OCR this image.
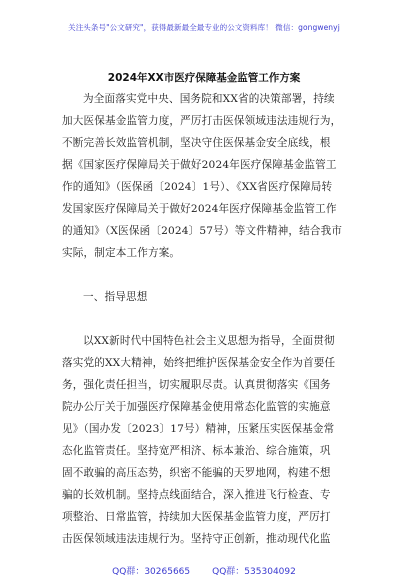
关注头条号"公文研究"，获得最新最全最专业的公文资料库！ 微信：gongwenyj
2024年XX市医疗保障基金监管工作方案
为全面落实党中央、国务院和XX省的决策部署，持续
加大医保基金监管力度，严厉打击医保领域违法违规行为，
不断完善长效监管机制，坚决守住医保基金安全底线，根
据《国家医疗保障局关于做好2024年医疗保障基金监管工
作的通知》（医保函〔2024〕1号）、《XX省医疗保障局转
发国家医疗保障局关于做好2024年医疗保障基金监管工作
的通知》（X医保函〔2024〕57号）等文件精神，结合我市
实际，制定本工作方案。
一、指导思想
以XX新时代中国特色社会主义思想为指导，全面贯彻
落实党的XX大精神，始终把维护医保基金安全作为首要任
务，强化责任担当，切实履职尽责。认真贯彻落实《国务
院办公厅关于加强医疗保障基金使用常态化监管的实施意
见》（国办发〔2023〕17号）精神，压紧压实医保基金常
态化监管责任。坚持宽严相济、标本兼治、综合施策，巩
固不敢骗的高压态势，织密不能骗的天罗地网，构建不想
骗的长效机制。坚持点线面结合，深入推进飞行检查、专
项整治、日常监管，持续加大医保基金监管力度，严厉打
击医保领域违法违规行为。坚持守正创新，推动现代化监
QQ群：30265665 QQ群：535304092
